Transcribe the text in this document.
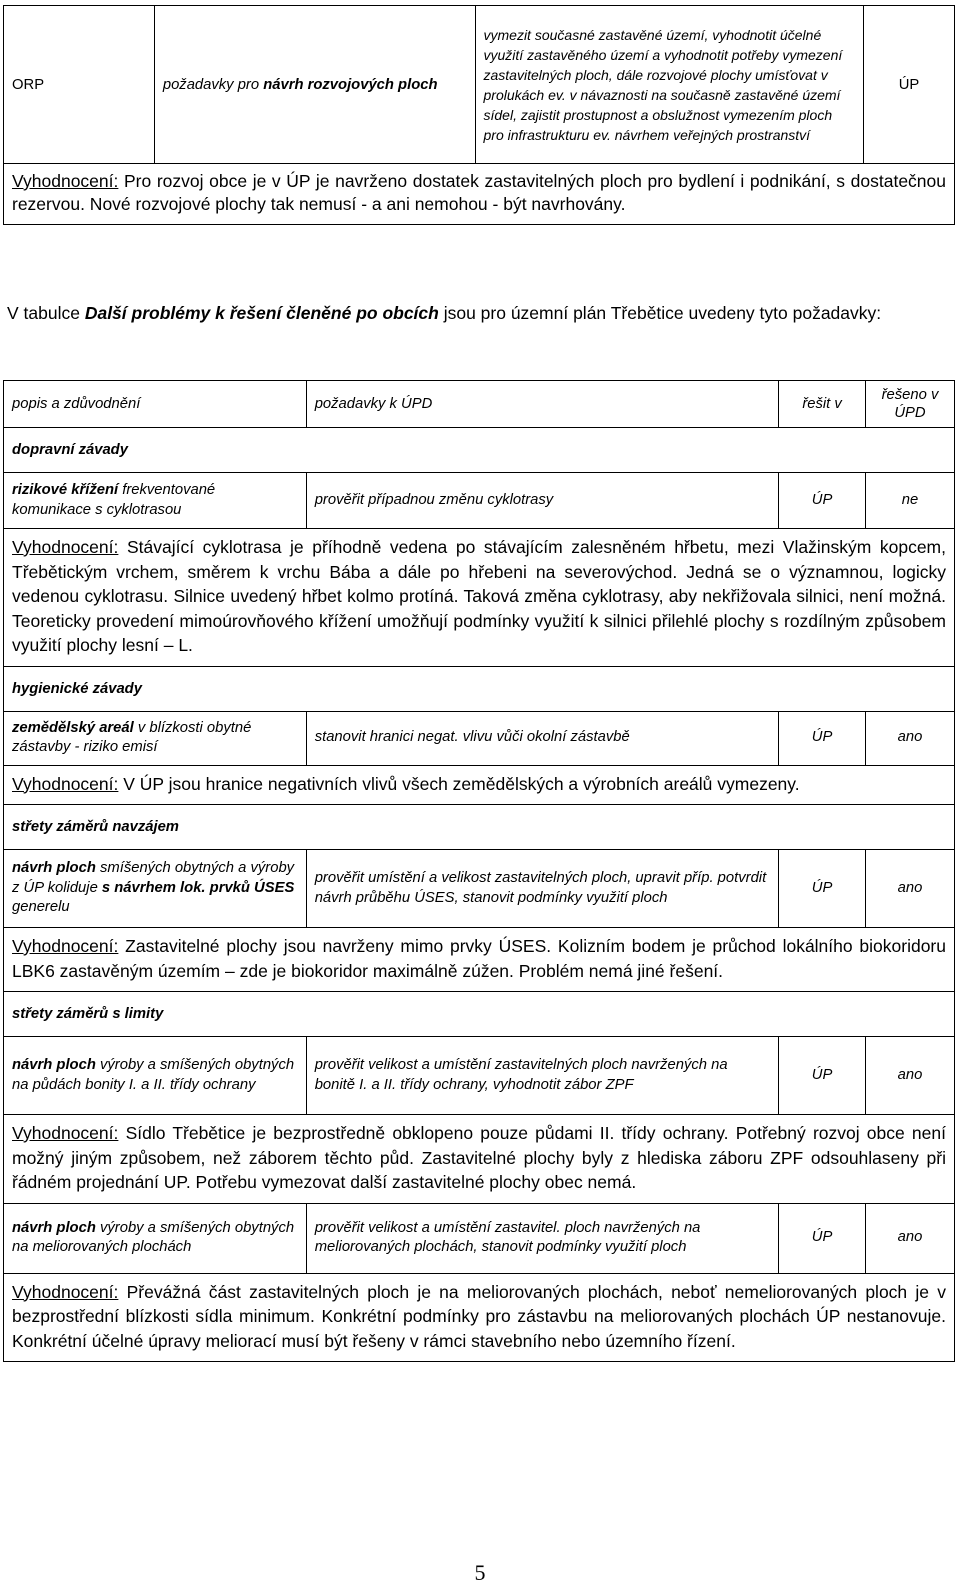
ORP	požadavky pro návrh rozvojových ploch	vymezit současné zastavěné území, vyhodnotit účelné využití zastavěného území a vyhodnotit potřeby vymezení zastavitelných ploch, dále rozvojové plochy umísťovat v prolukách ev. v návaznosti na současně zastavěné území sídel, zajistit prostupnost a obslužnost vymezením ploch pro infrastrukturu ev. návrhem veřejných prostranství	ÚP
Vyhodnocení: Pro rozvoj obce je v ÚP je navrženo dostatek zastavitelných ploch pro bydlení i podnikání, s dostatečnou rezervou. Nové rozvojové plochy tak nemusí - a ani nemohou - být navrhovány.
V tabulce Další problémy k řešení členěné po obcích jsou pro územní plán Třebětice uvedeny tyto požadavky:
popis a zdůvodnění	požadavky k ÚPD	řešit v	řešeno v ÚPD
dopravní závady			
rizikové křížení frekventované komunikace s cyklotrasou	prověřit případnou změnu cyklotrasy	ÚP	ne
Vyhodnocení: Stávající cyklotrasa je příhodně vedena po stávajícím zalesněném hřbetu, mezi Vlažinským kopcem, Třebětickým vrchem, směrem k vrchu Bába a dále po hřebeni na severovýchod. Jedná se o významnou, logicky vedenou cyklotrasu. Silnice uvedený hřbet kolmo protíná. Taková změna cyklotrasy, aby nekřižovala silnici, není možná. Teoreticky provedení mimoúrovňového křížení umožňují podmínky využití k silnici přilehlé plochy s rozdílným způsobem využití plochy lesní – L.			
hygienické závady			
zemědělský areál v blízkosti obytné zástavby - riziko emisí	stanovit hranici negat. vlivu vůči okolní zástavbě	ÚP	ano
Vyhodnocení: V ÚP jsou hranice negativních vlivů všech zemědělských a výrobních areálů vymezeny.			
střety záměrů navzájem			
návrh ploch smíšených obytných a výroby z ÚP koliduje s návrhem lok. prvků ÚSES generelu	prověřit umístění a velikost zastavitelných ploch, upravit příp. potvrdit návrh průběhu ÚSES, stanovit podmínky využití ploch	ÚP	ano
Vyhodnocení: Zastavitelné plochy jsou navrženy mimo prvky ÚSES. Kolizním bodem je průchod lokálního biokoridoru LBK6 zastavěným územím – zde je biokoridor maximálně zúžen. Problém nemá jiné řešení.			
střety záměrů s limity			
návrh ploch výroby a smíšených obytných na půdách bonity I. a II. třídy ochrany	prověřit velikost a umístění zastavitelných ploch navržených na bonitě I. a II. třídy ochrany, vyhodnotit zábor ZPF	ÚP	ano
Vyhodnocení: Sídlo Třebětice je bezprostředně obklopeno pouze půdami II. třídy ochrany. Potřebný rozvoj obce není možný jiným způsobem, než záborem těchto půd. Zastavitelné plochy byly z hlediska záboru ZPF odsouhlaseny při řádném projednání UP. Potřebu vymezovat další zastavitelné plochy obec nemá.			
návrh ploch výroby a smíšených obytných na meliorovaných plochách	prověřit velikost a umístění zastavitel. ploch navržených na meliorovaných plochách, stanovit podmínky využití ploch	ÚP	ano
Vyhodnocení: Převážná část zastavitelných ploch je na meliorovaných plochách, neboť nemeliorovaných ploch je v bezprostřední blízkosti sídla minimum. Konkrétní podmínky pro zástavbu na meliorovaných plochách ÚP nestanovuje. Konkrétní účelné úpravy meliorací musí být řešeny v rámci stavebního nebo územního řízení.			
5
